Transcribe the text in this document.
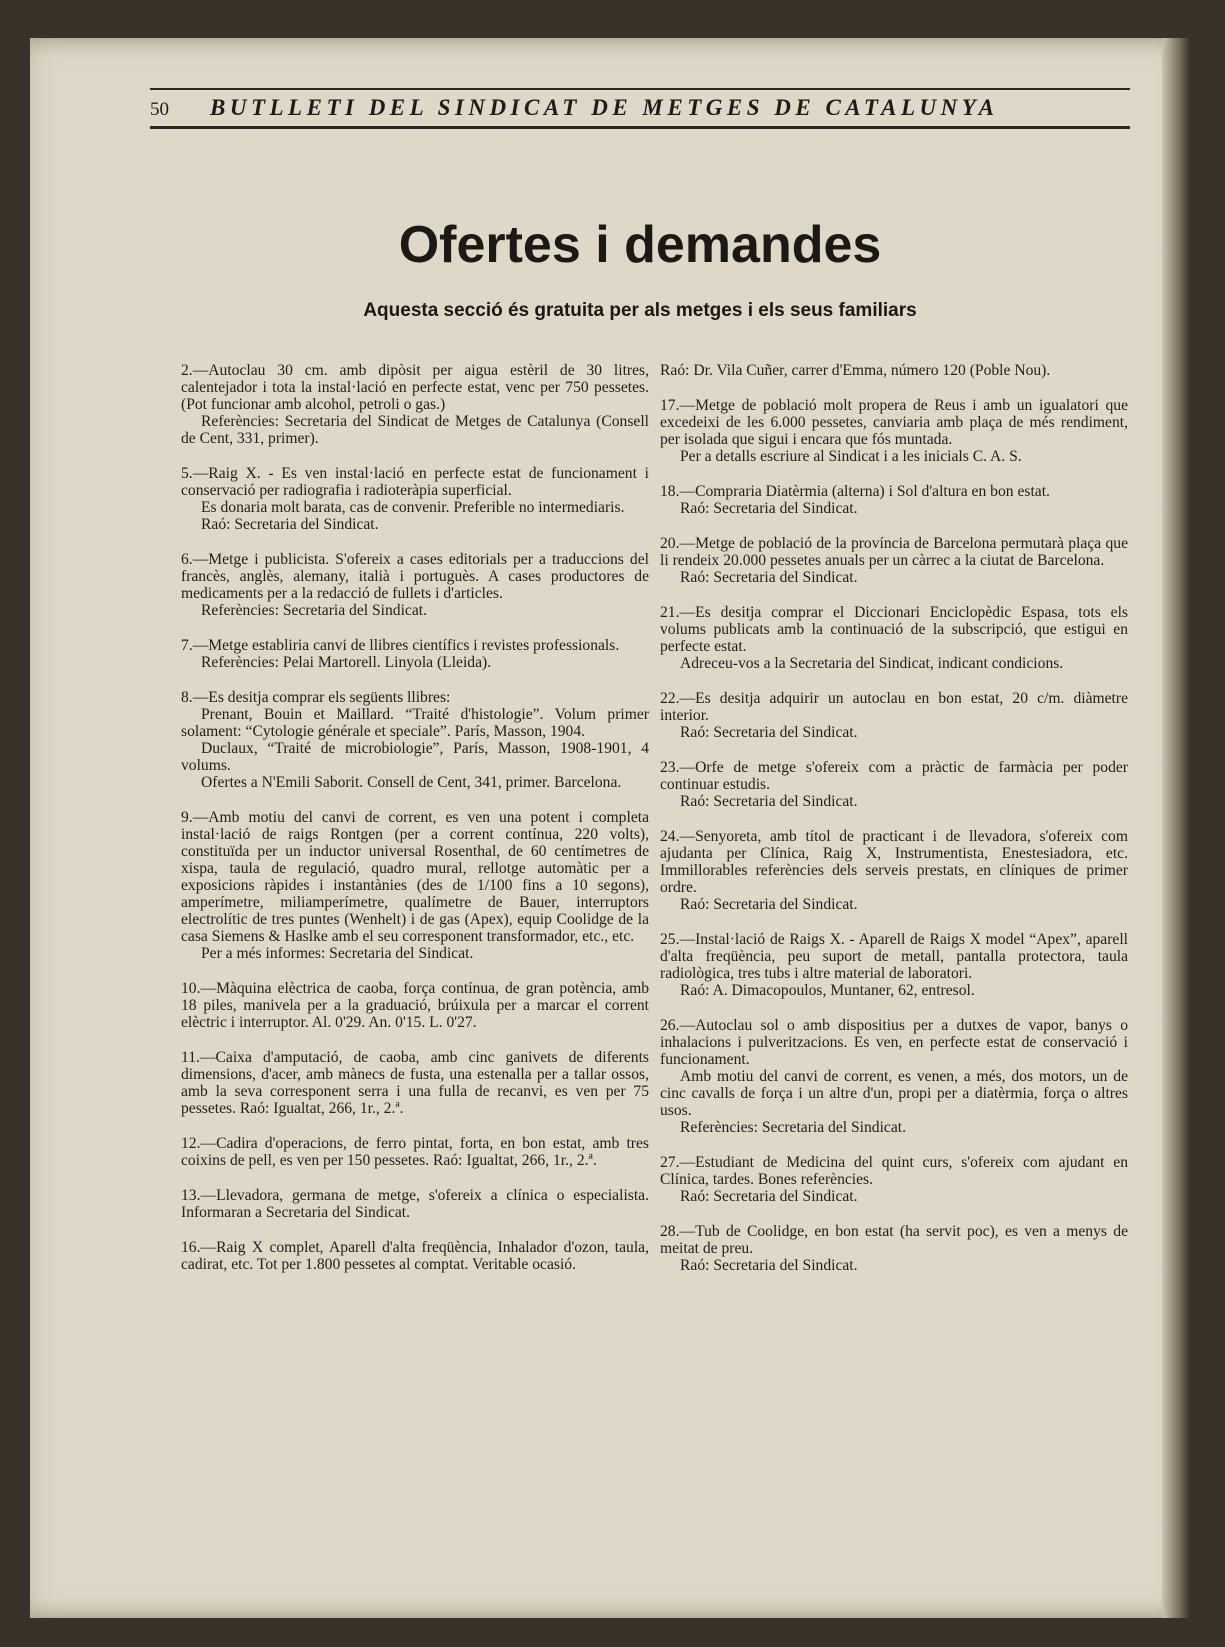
50	BUTLLETI DEL SINDICAT DE METGES DE CATALUNYA
Ofertes i demandes
Aquesta secció és gratuita per als metges i els seus familiars

2.—Autoclau 30 cm. amb dipòsit per aigua estèril de 30 litres, calentejador i tota la instal·lació en perfecte estat, venc per 750 pessetes. (Pot funcionar amb alcohol, petroli o gas.)

Referències: Secretaria del Sindicat de Metges de Catalunya (Consell de Cent, 331, primer).

5.—Raig X. - Es ven instal·lació en perfecte estat de funcionament i conservació per radiografia i radioteràpia superficial.

Es donaria molt barata, cas de convenir. Preferible no intermediaris.

Raó: Secretaria del Sindicat.

6.—Metge i publicista. S'ofereix a cases editorials per a traduccions del francès, anglès, alemany, italià i portuguès. A cases productores de medicaments per a la redacció de fullets i d'articles.

Referències: Secretaria del Sindicat.

7.—Metge establiria canvi de llibres científics i revistes professionals.

Referències: Pelai Martorell. Linyola (Lleida).

8.—Es desitja comprar els següents llibres:

Prenant, Bouin et Maillard. “Traité d'histologie”. Volum primer solament: “Cytologie générale et speciale”. París, Masson, 1904.

Duclaux, “Traité de microbiologie”, París, Masson, 1908-1901, 4 volums.

Ofertes a N'Emili Saborit. Consell de Cent, 341, primer. Barcelona.

9.—Amb motiu del canvi de corrent, es ven una potent i completa instal·lació de raigs Rontgen (per a corrent contínua, 220 volts), constituïda per un inductor universal Rosenthal, de 60 centímetres de xispa, taula de regulació, quadro mural, rellotge automàtic per a exposicions ràpides i instantànies (des de 1/100 fins a 10 segons), amperímetre, miliamperímetre, qualímetre de Bauer, interruptors electrolític de tres puntes (Wenhelt) i de gas (Apex), equip Coolidge de la casa Siemens & Haslke amb el seu corresponent transformador, etc., etc.

Per a més informes: Secretaria del Sindicat.

10.—Màquina elèctrica de caoba, força contínua, de gran potència, amb 18 piles, manivela per a la graduació, brúixula per a marcar el corrent elèctric i interruptor. Al. 0'29. An. 0'15. L. 0'27.

11.—Caixa d'amputació, de caoba, amb cinc ganivets de diferents dimensions, d'acer, amb mànecs de fusta, una estenalla per a tallar ossos, amb la seva corresponent serra i una fulla de recanvi, es ven per 75 pessetes. Raó: Igualtat, 266, 1r., 2.ª.

12.—Cadira d'operacions, de ferro pintat, forta, en bon estat, amb tres coixins de pell, es ven per 150 pessetes. Raó: Igualtat, 266, 1r., 2.ª.

13.—Llevadora, germana de metge, s'ofereix a clínica o especialista. Informaran a Secretaria del Sindicat.

16.—Raig X complet, Aparell d'alta freqüència, Inhalador d'ozon, taula, cadirat, etc. Tot per 1.800 pessetes al comptat. Veritable ocasió.

Raó: Dr. Vila Cuñer, carrer d'Emma, número 120 (Poble Nou).

17.—Metge de població molt propera de Reus i amb un igualatori que excedeixi de les 6.000 pessetes, canviaria amb plaça de més rendiment, per isolada que sigui i encara que fós muntada.

Per a detalls escriure al Sindicat i a les inicials C. A. S.

18.—Compraria Diatèrmia (alterna) i Sol d'altura en bon estat.

Raó: Secretaria del Sindicat.

20.—Metge de població de la província de Barcelona permutarà plaça que li rendeix 20.000 pessetes anuals per un càrrec a la ciutat de Barcelona.

Raó: Secretaria del Sindicat.

21.—Es desitja comprar el Diccionari Enciclopèdic Espasa, tots els volums publicats amb la continuació de la subscripció, que estigui en perfecte estat.

Adreceu-vos a la Secretaria del Sindicat, indicant condicions.

22.—Es desitja adquirir un autoclau en bon estat, 20 c/m. diàmetre interior.

Raó: Secretaria del Sindicat.

23.—Orfe de metge s'ofereix com a pràctic de farmàcia per poder continuar estudis.

Raó: Secretaria del Sindicat.

24.—Senyoreta, amb títol de practicant i de llevadora, s'ofereix com ajudanta per Clínica, Raig X, Instrumentista, Enestesiadora, etc. Immillorables referències dels serveis prestats, en clíniques de primer ordre.

Raó: Secretaria del Sindicat.

25.—Instal·lació de Raigs X. - Aparell de Raigs X model “Apex”, aparell d'alta freqüència, peu suport de metall, pantalla protectora, taula radiològica, tres tubs i altre material de laboratori.

Raó: A. Dimacopoulos, Muntaner, 62, entresol.

26.—Autoclau sol o amb dispositius per a dutxes de vapor, banys o inhalacions i pulveritzacions. Es ven, en perfecte estat de conservació i funcionament.

Amb motiu del canvi de corrent, es venen, a més, dos motors, un de cinc cavalls de força i un altre d'un, propi per a diatèrmia, força o altres usos.

Referències: Secretaria del Sindicat.

27.—Estudiant de Medicina del quint curs, s'ofereix com ajudant en Clínica, tardes. Bones referències.

Raó: Secretaria del Sindicat.

28.—Tub de Coolidge, en bon estat (ha servit poc), es ven a menys de meitat de preu.

Raó: Secretaria del Sindicat.
